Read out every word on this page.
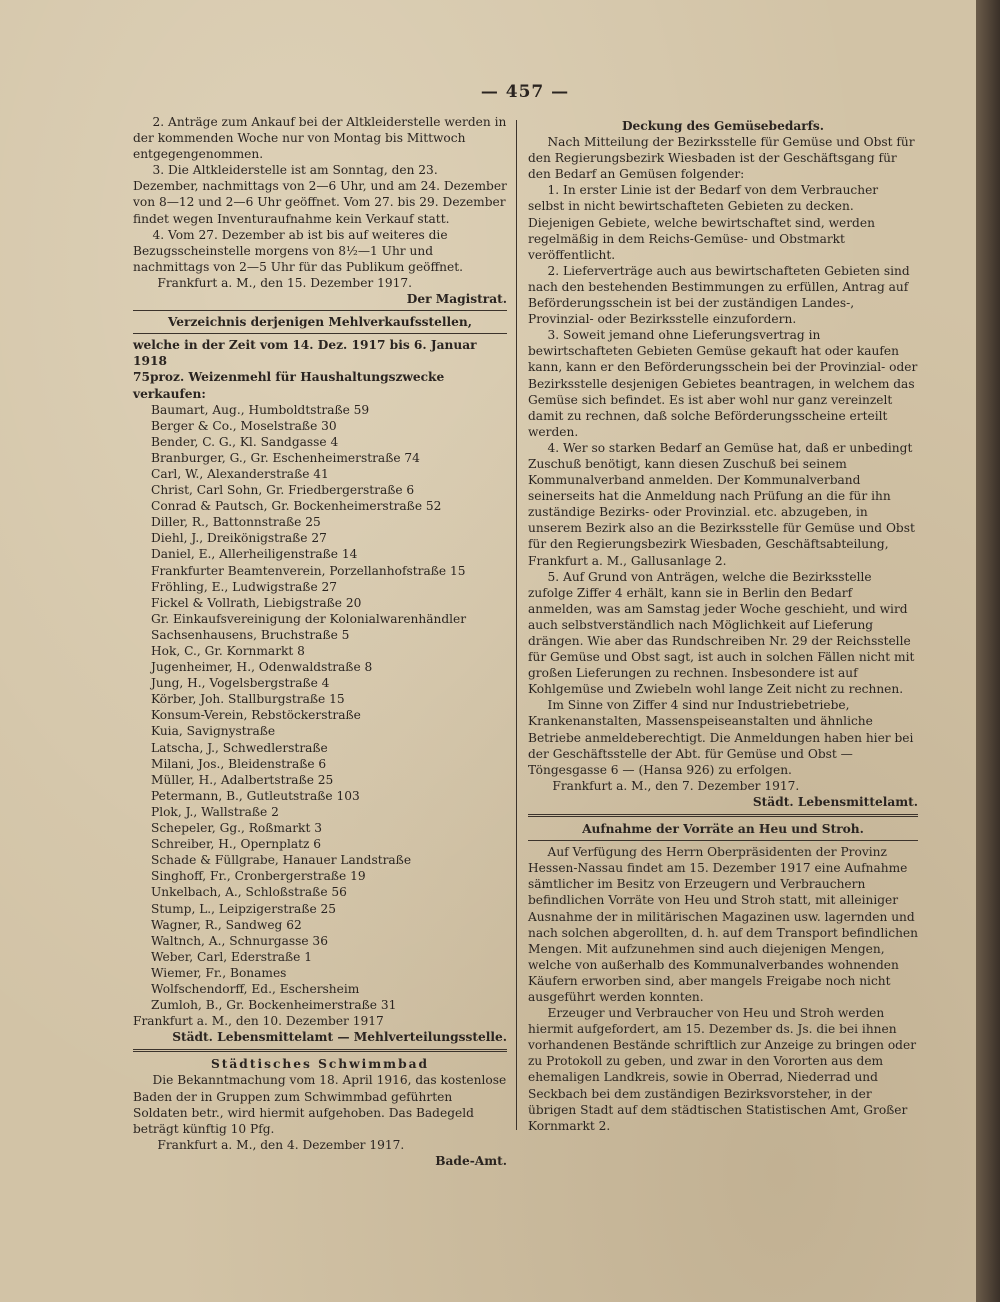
— 457 —

2. Anträge zum Ankauf bei der Altkleiderstelle werden in der kommenden Woche nur von Montag bis Mittwoch entgegengenommen.

3. Die Altkleiderstelle ist am Sonntag, den 23. Dezember, nachmittags von 2—6 Uhr, und am 24. Dezember von 8—12 und 2—6 Uhr geöffnet. Vom 27. bis 29. Dezember findet wegen Inventuraufnahme kein Verkauf statt.

4. Vom 27. Dezember ab ist bis auf weiteres die Bezugsscheinstelle morgens von 8½—1 Uhr und nachmittags von 2—5 Uhr für das Publikum geöffnet.

Frankfurt a. M., den 15. Dezember 1917.

Der Magistrat.

Verzeichnis derjenigen Mehlverkaufsstellen,

welche in der Zeit vom 14. Dez. 1917 bis 6. Januar 1918

75proz. Weizenmehl für Haushaltungszwecke verkaufen:

Baumart, Aug., Humboldtstraße 59
Berger & Co., Moselstraße 30
Bender, C. G., Kl. Sandgasse 4
Branburger, G., Gr. Eschenheimerstraße 74
Carl, W., Alexanderstraße 41
Christ, Carl Sohn, Gr. Friedbergerstraße 6
Conrad & Pautsch, Gr. Bockenheimerstraße 52
Diller, R., Battonnstraße 25
Diehl, J., Dreikönigstraße 27
Daniel, E., Allerheiligenstraße 14
Frankfurter Beamtenverein, Porzellanhofstraße 15
Fröhling, E., Ludwigstraße 27
Fickel & Vollrath, Liebigstraße 20
Gr. Einkaufsvereinigung der Kolonialwarenhändler Sachsenhausens, Bruchstraße 5
Hok, C., Gr. Kornmarkt 8
Jugenheimer, H., Odenwaldstraße 8
Jung, H., Vogelsbergstraße 4
Körber, Joh. Stallburgstraße 15
Konsum-Verein, Rebstöckerstraße
Kuia, Savignystraße
Latscha, J., Schwedlerstraße
Milani, Jos., Bleidenstraße 6
Müller, H., Adalbertstraße 25
Petermann, B., Gutleutstraße 103
Plok, J., Wallstraße 2
Schepeler, Gg., Roßmarkt 3
Schreiber, H., Opernplatz 6
Schade & Füllgrabe, Hanauer Landstraße
Singhoff, Fr., Cronbergerstraße 19
Unkelbach, A., Schloßstraße 56
Stump, L., Leipzigerstraße 25
Wagner, R., Sandweg 62
Waltnch, A., Schnurgasse 36
Weber, Carl, Ederstraße 1
Wiemer, Fr., Bonames
Wolfschendorff, Ed., Eschersheim
Zumloh, B., Gr. Bockenheimerstraße 31

Frankfurt a. M., den 10. Dezember 1917

Städt. Lebensmittelamt — Mehlverteilungsstelle.

Städtisches Schwimmbad

Die Bekanntmachung vom 18. April 1916, das kostenlose Baden der in Gruppen zum Schwimmbad geführten Soldaten betr., wird hiermit aufgehoben. Das Badegeld beträgt künftig 10 Pfg.

Frankfurt a. M., den 4. Dezember 1917.

Bade-Amt.

Deckung des Gemüsebedarfs.

Nach Mitteilung der Bezirksstelle für Gemüse und Obst für den Regierungsbezirk Wiesbaden ist der Geschäftsgang für den Bedarf an Gemüsen folgender:

1. In erster Linie ist der Bedarf von dem Verbraucher selbst in nicht bewirtschafteten Gebieten zu decken. Diejenigen Gebiete, welche bewirtschaftet sind, werden regelmäßig in dem Reichs-Gemüse- und Obstmarkt veröffentlicht.

2. Lieferverträge auch aus bewirtschafteten Gebieten sind nach den bestehenden Bestimmungen zu erfüllen, Antrag auf Beförderungsschein ist bei der zuständigen Landes-, Provinzial- oder Bezirksstelle einzufordern.

3. Soweit jemand ohne Lieferungsvertrag in bewirtschafteten Gebieten Gemüse gekauft hat oder kaufen kann, kann er den Beförderungsschein bei der Provinzial- oder Bezirksstelle desjenigen Gebietes beantragen, in welchem das Gemüse sich befindet. Es ist aber wohl nur ganz vereinzelt damit zu rechnen, daß solche Beförderungsscheine erteilt werden.

4. Wer so starken Bedarf an Gemüse hat, daß er unbedingt Zuschuß benötigt, kann diesen Zuschuß bei seinem Kommunalverband anmelden. Der Kommunalverband seinerseits hat die Anmeldung nach Prüfung an die für ihn zuständige Bezirks- oder Provinzial. etc. abzugeben, in unserem Bezirk also an die Bezirksstelle für Gemüse und Obst für den Regierungsbezirk Wiesbaden, Geschäftsabteilung, Frankfurt a. M., Gallusanlage 2.

5. Auf Grund von Anträgen, welche die Bezirksstelle zufolge Ziffer 4 erhält, kann sie in Berlin den Bedarf anmelden, was am Samstag jeder Woche geschieht, und wird auch selbstverständlich nach Möglichkeit auf Lieferung drängen. Wie aber das Rundschreiben Nr. 29 der Reichsstelle für Gemüse und Obst sagt, ist auch in solchen Fällen nicht mit großen Lieferungen zu rechnen. Insbesondere ist auf Kohlgemüse und Zwiebeln wohl lange Zeit nicht zu rechnen.

Im Sinne von Ziffer 4 sind nur Industriebetriebe, Krankenanstalten, Massenspeiseanstalten und ähnliche Betriebe anmeldeberechtigt. Die Anmeldungen haben hier bei der Geschäftsstelle der Abt. für Gemüse und Obst — Töngesgasse 6 — (Hansa 926) zu erfolgen.

Frankfurt a. M., den 7. Dezember 1917.

Städt. Lebensmittelamt.

Aufnahme der Vorräte an Heu und Stroh.

Auf Verfügung des Herrn Oberpräsidenten der Provinz Hessen-Nassau findet am 15. Dezember 1917 eine Aufnahme sämtlicher im Besitz von Erzeugern und Verbrauchern befindlichen Vorräte von Heu und Stroh statt, mit alleiniger Ausnahme der in militärischen Magazinen usw. lagernden und nach solchen abgerollten, d. h. auf dem Transport befindlichen Mengen. Mit aufzunehmen sind auch diejenigen Mengen, welche von außerhalb des Kommunalverbandes wohnenden Käufern erworben sind, aber mangels Freigabe noch nicht ausgeführt werden konnten.

Erzeuger und Verbraucher von Heu und Stroh werden hiermit aufgefordert, am 15. Dezember ds. Js. die bei ihnen vorhandenen Bestände schriftlich zur Anzeige zu bringen oder zu Protokoll zu geben, und zwar in den Vororten aus dem ehemaligen Landkreis, sowie in Oberrad, Niederrad und Seckbach bei dem zuständigen Bezirksvorsteher, in der übrigen Stadt auf dem städtischen Statistischen Amt, Großer Kornmarkt 2.
